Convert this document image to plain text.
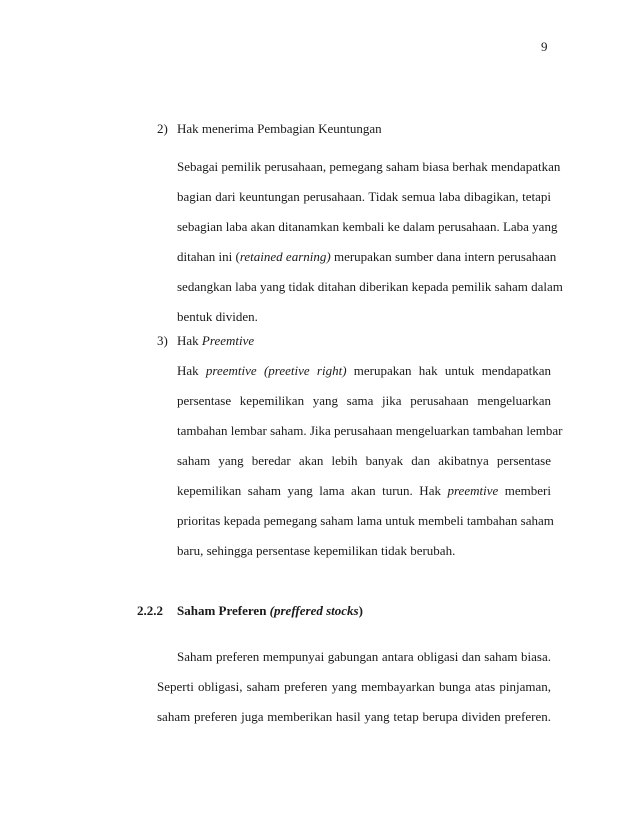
9
2) Hak menerima Pembagian Keuntungan
Sebagai pemilik perusahaan, pemegang saham biasa berhak mendapatkan
bagian dari keuntungan perusahaan. Tidak semua laba dibagikan, tetapi
sebagian laba akan ditanamkan kembali ke dalam perusahaan. Laba yang
ditahan ini (retained earning) merupakan sumber dana intern perusahaan
sedangkan laba yang tidak ditahan diberikan kepada pemilik saham dalam
bentuk dividen.
3) Hak Preemtive
Hak preemtive (preetive right) merupakan hak untuk mendapatkan
persentase kepemilikan yang sama jika perusahaan mengeluarkan
tambahan lembar saham. Jika perusahaan mengeluarkan tambahan lembar
saham yang beredar akan lebih banyak dan akibatnya persentase
kepemilikan saham yang lama akan turun. Hak preemtive memberi
prioritas kepada pemegang saham lama untuk membeli tambahan saham
baru, sehingga persentase kepemilikan tidak berubah.
2.2.2 Saham Preferen (preffered stocks)
Saham preferen mempunyai gabungan antara obligasi dan saham biasa.
Seperti obligasi, saham preferen yang membayarkan bunga atas pinjaman,
saham preferen juga memberikan hasil yang tetap berupa dividen preferen.
